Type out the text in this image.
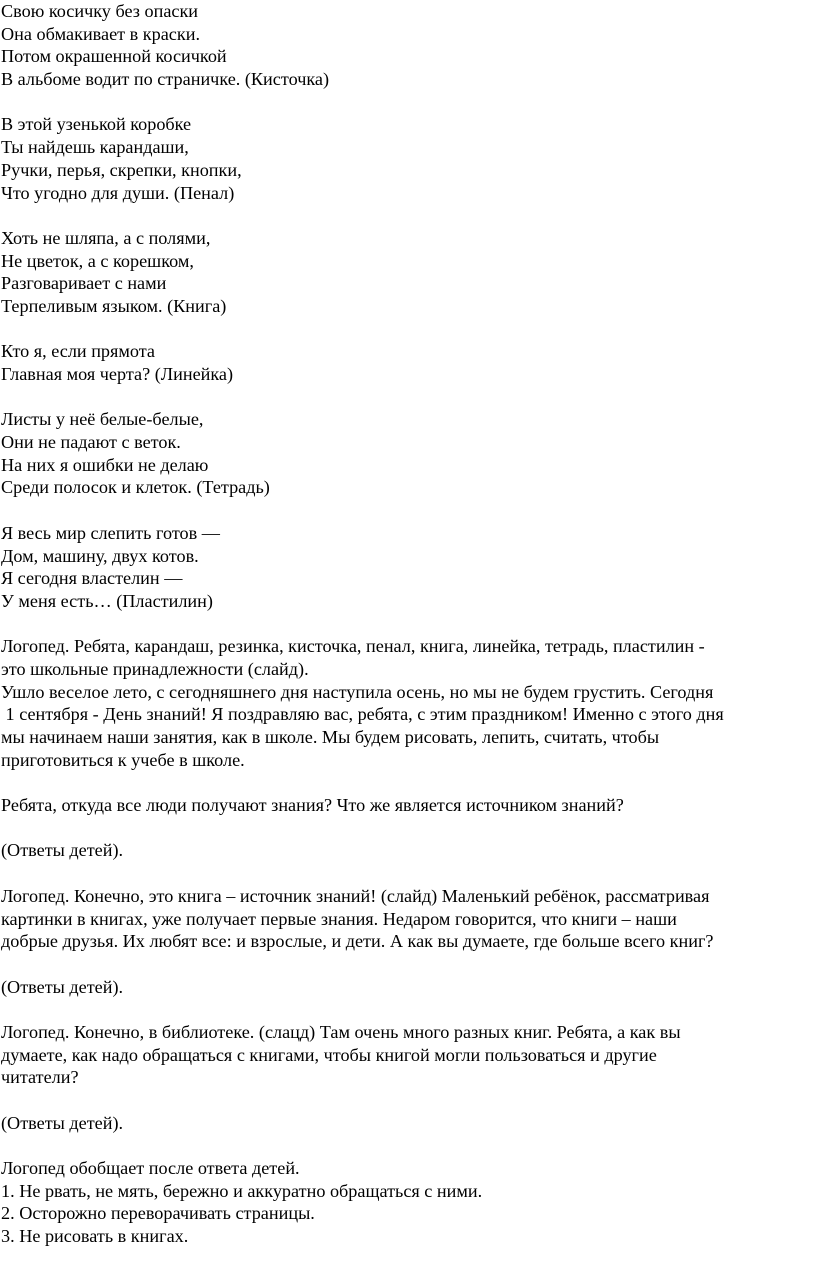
Свою косичку без опаски
Она обмакивает в краски.
Потом окрашенной косичкой
В альбоме водит по страничке. (Кисточка)
В этой узенькой коробке
Ты найдешь карандаши,
Ручки, перья, скрепки, кнопки,
Что угодно для души. (Пенал)
Хоть не шляпа, а с полями,
Не цветок, а с корешком,
Разговаривает с нами
Терпеливым языком. (Книга)
Кто я, если прямота
Главная моя черта? (Линейка)
Листы у неё белые-белые,
Они не падают с веток.
На них я ошибки не делаю
Среди полосок и клеток. (Тетрадь)
Я весь мир слепить готов —
Дом, машину, двух котов.
Я сегодня властелин —
У меня есть… (Пластилин)
Логопед. Ребята, карандаш, резинка, кисточка, пенал, книга, линейка, тетрадь, пластилин -
это школьные принадлежности (слайд).
Ушло веселое лето, с сегодняшнего дня наступила осень, но мы не будем грустить. Сегодня
1 сентября - День знаний! Я поздравляю вас, ребята, с этим праздником! Именно с этого дня
мы начинаем наши занятия, как в школе. Мы будем рисовать, лепить, считать, чтобы
приготовиться к учебе в школе.
Ребята, откуда все люди получают знания? Что же является источником знаний?
(Ответы детей).
Логопед. Конечно, это книга – источник знаний! (слайд) Маленький ребёнок, рассматривая
картинки в книгах, уже получает первые знания. Недаром говорится, что книги – наши
добрые друзья. Их любят все: и взрослые, и дети. А как вы думаете, где больше всего книг?
(Ответы детей).
Логопед. Конечно, в библиотеке. (слацд) Там очень много разных книг. Ребята, а как вы
думаете, как надо обращаться с книгами, чтобы книгой могли пользоваться и другие
читатели?
(Ответы детей).
Логопед обобщает после ответа детей.
1. Не рвать, не мять, бережно и аккуратно обращаться с ними.
2. Осторожно переворачивать страницы.
3. Не рисовать в книгах.
